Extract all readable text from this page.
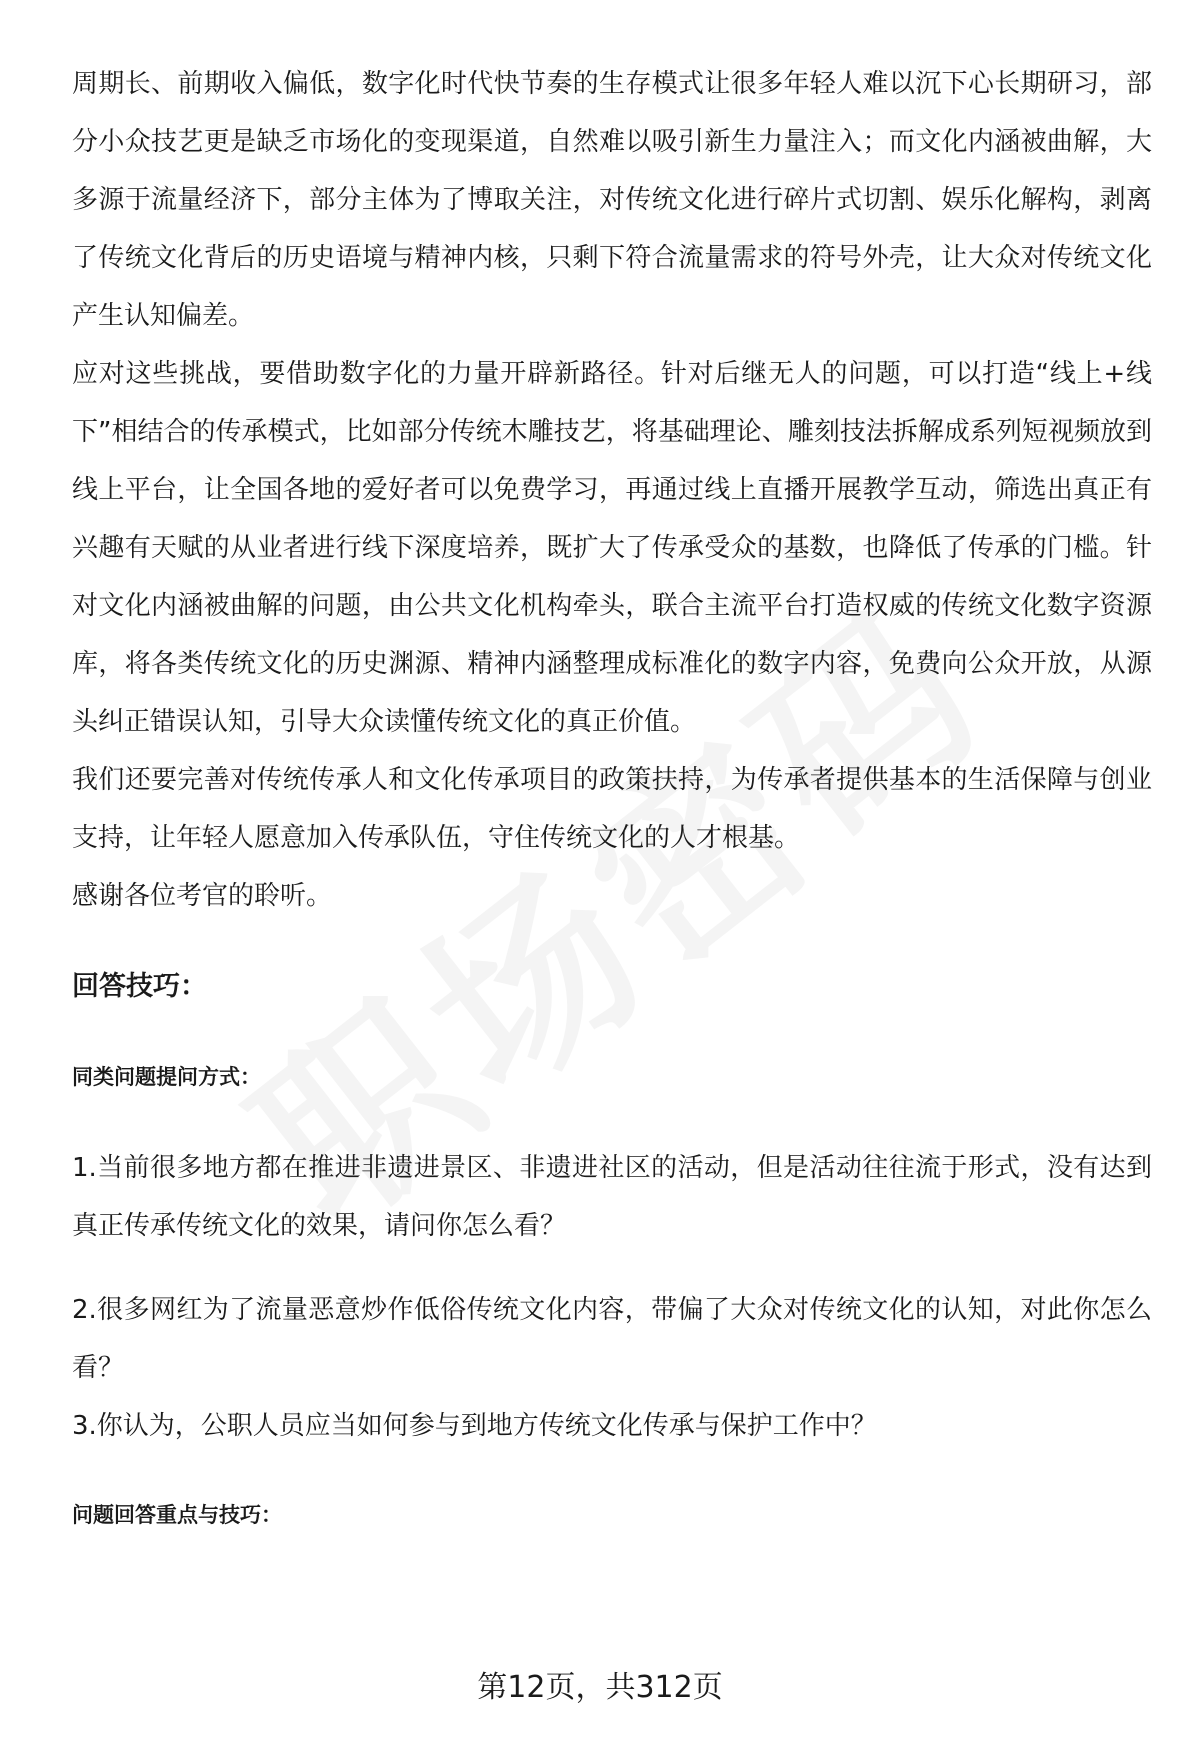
周期长、前期收入偏低，数字化时代快节奏的生存模式让很多年轻人难以沉下心长期研习，部分小众技艺更是缺乏市场化的变现渠道，自然难以吸引新生力量注入；而文化内涵被曲解，大多源于流量经济下，部分主体为了博取关注，对传统文化进行碎片式切割、娱乐化解构，剥离了传统文化背后的历史语境与精神内核，只剩下符合流量需求的符号外壳，让大众对传统文化产生认知偏差。

应对这些挑战，要借助数字化的力量开辟新路径。针对后继无人的问题，可以打造“线上+线下”相结合的传承模式，比如部分传统木雕技艺，将基础理论、雕刻技法拆解成系列短视频放到线上平台，让全国各地的爱好者可以免费学习，再通过线上直播开展教学互动，筛选出真正有兴趣有天赋的从业者进行线下深度培养，既扩大了传承受众的基数，也降低了传承的门槛。针对文化内涵被曲解的问题，由公共文化机构牵头，联合主流平台打造权威的传统文化数字资源库，将各类传统文化的历史渊源、精神内涵整理成标准化的数字内容，免费向公众开放，从源头纠正错误认知，引导大众读懂传统文化的真正价值。

我们还要完善对传统传承人和文化传承项目的政策扶持，为传承者提供基本的生活保障与创业支持，让年轻人愿意加入传承队伍，守住传统文化的人才根基。

感谢各位考官的聆听。

回答技巧：
同类问题提问方式：

1.当前很多地方都在推进非遗进景区、非遗进社区的活动，但是活动往往流于形式，没有达到真正传承传统文化的效果，请问你怎么看？

2.很多网红为了流量恶意炒作低俗传统文化内容，带偏了大众对传统文化的认知，对此你怎么看？

3.你认为，公职人员应当如何参与到地方传统文化传承与保护工作中？

问题回答重点与技巧：
第12页，共312页
